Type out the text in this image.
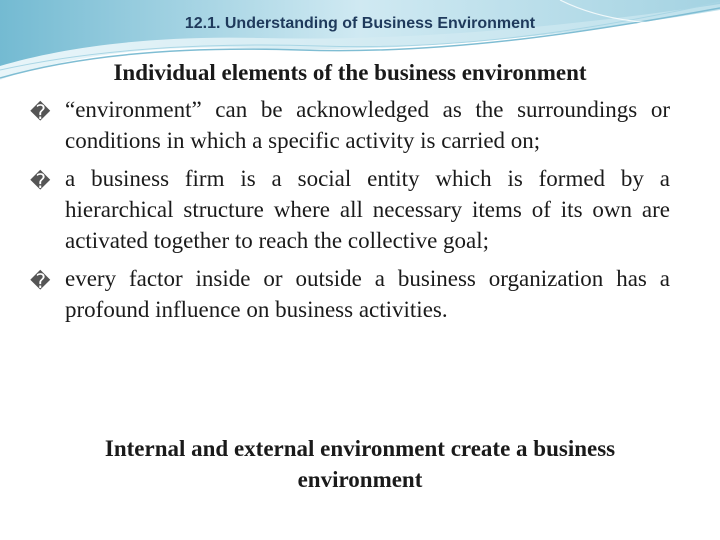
12.1. Understanding of Business Environment
Individual elements of the business environment
� “environment” can be acknowledged as the surroundings or conditions in which a specific activity is carried on;
� a business firm is a social entity which is formed by a hierarchical structure where all necessary items of its own are activated together to reach the collective goal;
� every factor inside or outside a business organization has a profound influence on business activities.
Internal and external environment create a business environment
